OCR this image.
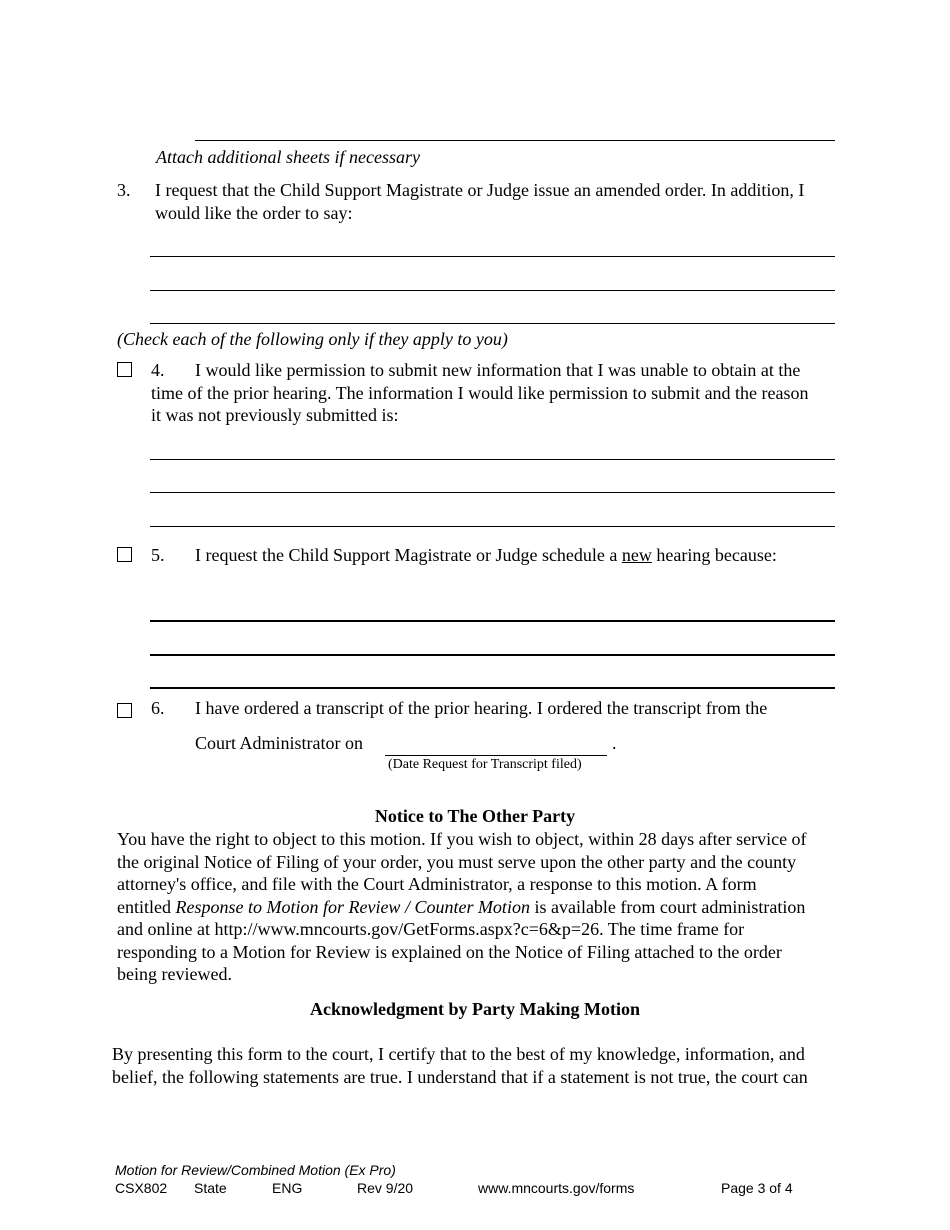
Attach additional sheets if necessary
3. I request that the Child Support Magistrate or Judge issue an amended order. In addition, I
would like the order to say:
(Check each of the following only if they apply to you)
4.	I would like permission to submit new information that I was unable to obtain at the
time of the prior hearing. The information I would like permission to submit and the reason
it was not previously submitted is:
5. I request the Child Support Magistrate or Judge schedule a new hearing because:
6. I have ordered a transcript of the prior hearing. I ordered the transcript from the
Court Administrator on	.
(Date Request for Transcript filed)
Notice to The Other Party
You have the right to object to this motion. If you wish to object, within 28 days after service of
the original Notice of Filing of your order, you must serve upon the other party and the county
attorney's office, and file with the Court Administrator, a response to this motion. A form
entitled Response to Motion for Review / Counter Motion is available from court administration
and online at http://www.mncourts.gov/GetForms.aspx?c=6&p=26. The time frame for
responding to a Motion for Review is explained on the Notice of Filing attached to the order
being reviewed.
Acknowledgment by Party Making Motion
By presenting this form to the court, I certify that to the best of my knowledge, information, and
belief, the following statements are true. I understand that if a statement is not true, the court can
Motion for Review/Combined Motion (Ex Pro)
CSX802 State	ENG	Rev 9/20	www.mncourts.gov/forms	Page 3 of 4
